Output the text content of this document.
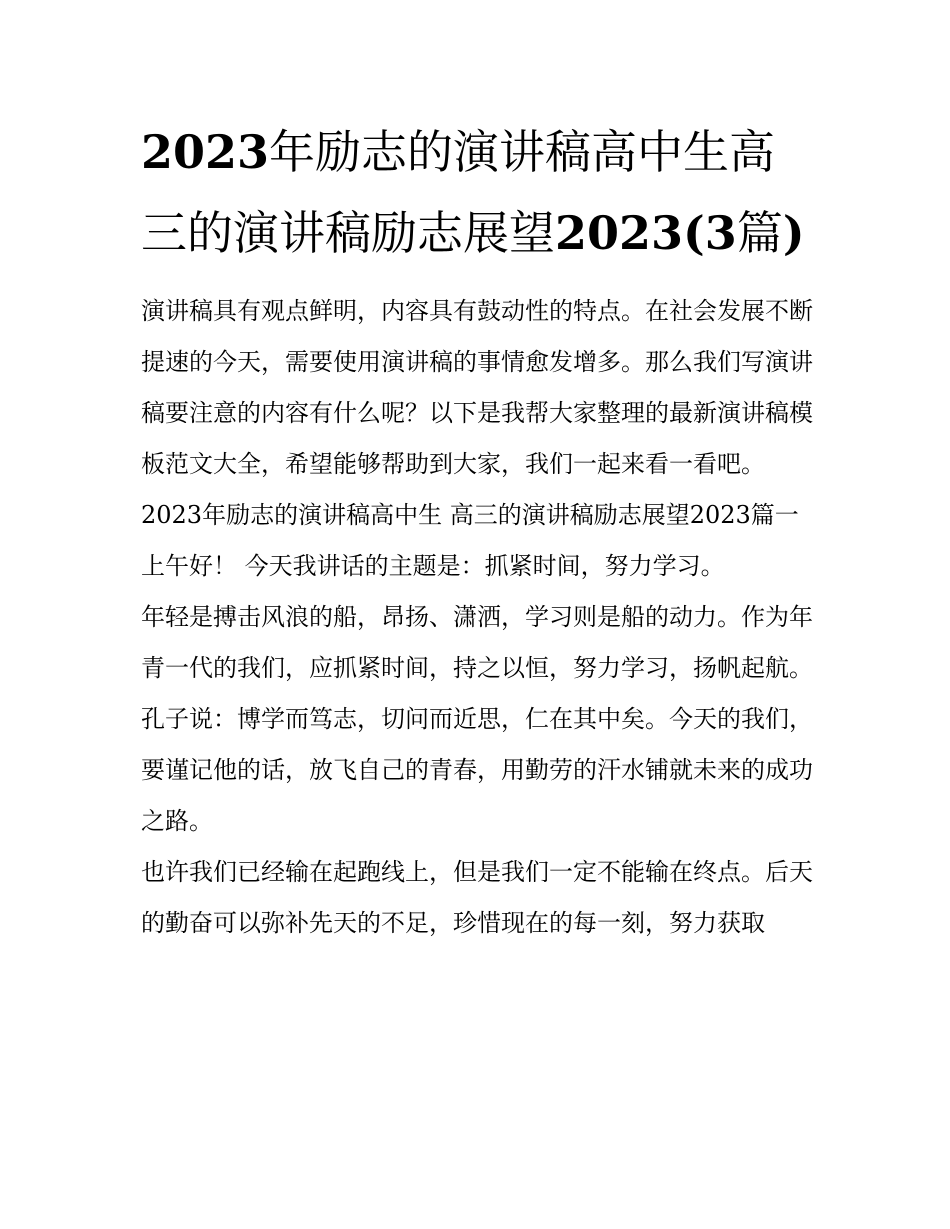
2023年励志的演讲稿高中生高三的演讲稿励志展望2023(3篇)

演讲稿具有观点鲜明，内容具有鼓动性的特点。在社会发展不断提速的今天，需要使用演讲稿的事情愈发增多。那么我们写演讲稿要注意的内容有什么呢？以下是我帮大家整理的最新演讲稿模板范文大全，希望能够帮助到大家，我们一起来看一看吧。

2023年励志的演讲稿高中生 高三的演讲稿励志展望2023篇一

上午好！ 今天我讲话的主题是：抓紧时间，努力学习。

年轻是搏击风浪的船，昂扬、潇洒，学习则是船的动力。作为年青一代的我们，应抓紧时间，持之以恒，努力学习，扬帆起航。

孔子说：博学而笃志，切问而近思，仁在其中矣。今天的我们，要谨记他的话，放飞自己的青春，用勤劳的汗水铺就未来的成功之路。

也许我们已经输在起跑线上，但是我们一定不能输在终点。后天的勤奋可以弥补先天的不足，珍惜现在的每一刻，努力获取
